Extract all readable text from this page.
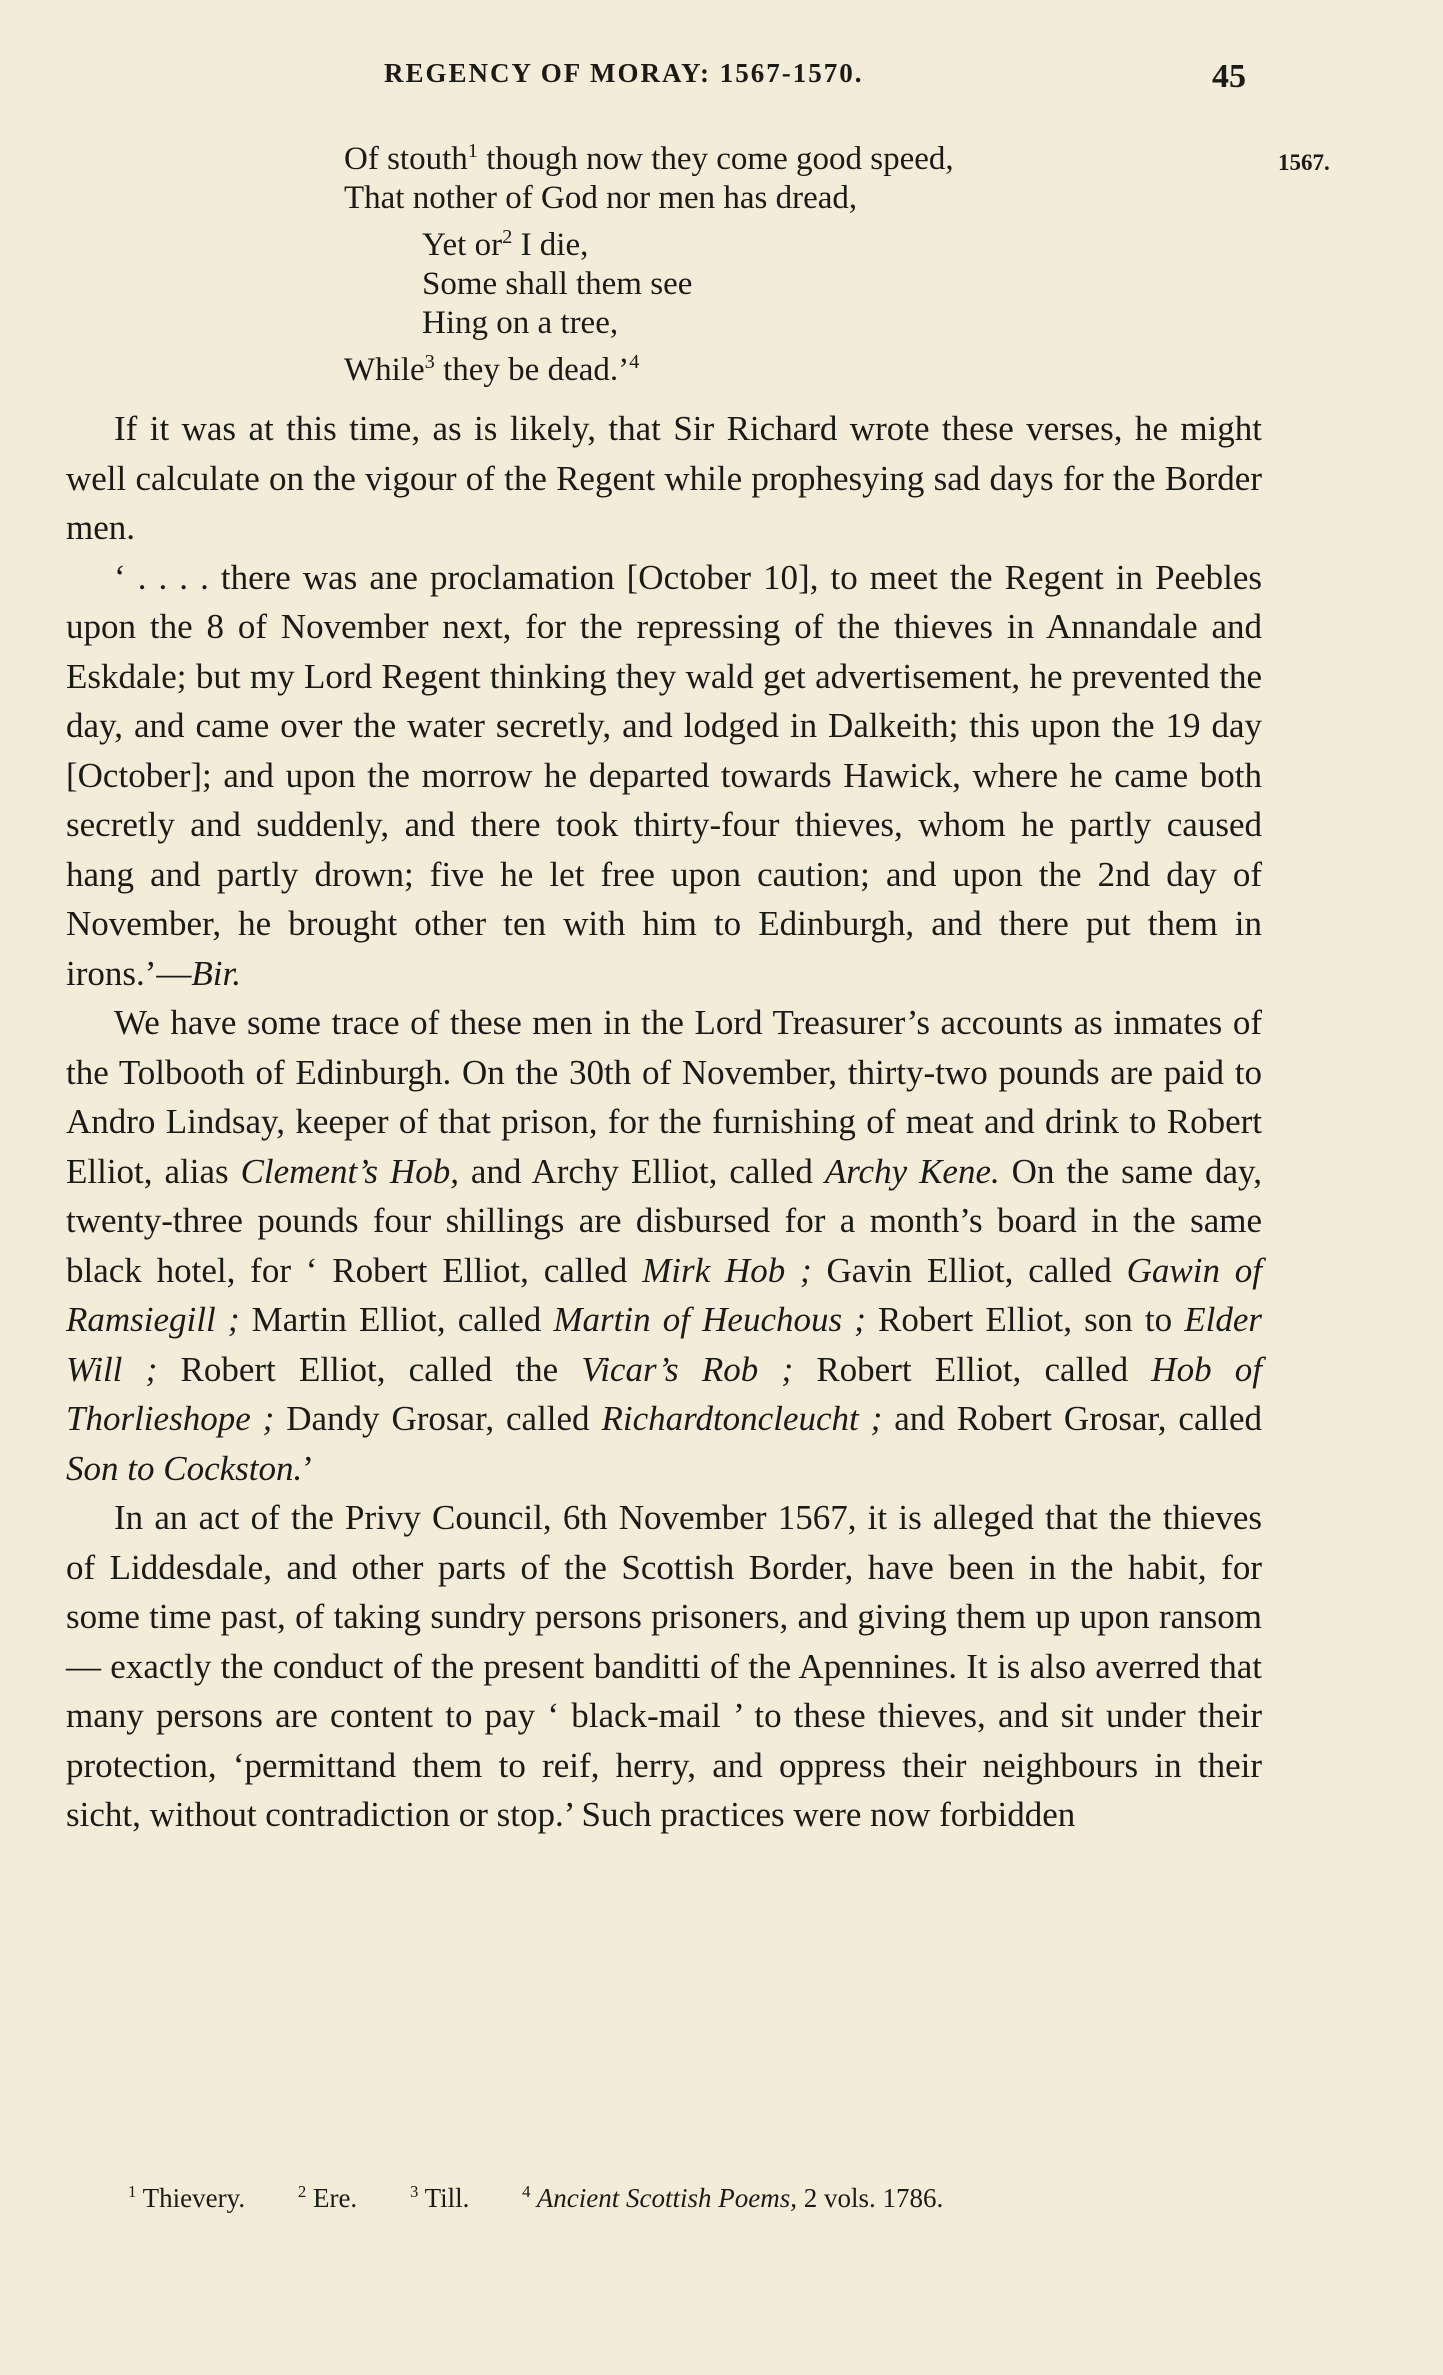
REGENCY OF MORAY: 1567-1570.	45
1567.
Of stouth$^1$ though now they come good speed,
That nother of God nor men has dread,
Yet $or^2$ I die,
Some shall them see
Hing on a tree,
While$^3$ they be dead.’$^4$

If it was at this time, as is likely, that Sir Richard wrote these verses, he might well calculate on the vigour of the Regent while prophesying sad days for the Border men.

‘ . . . . there was ane proclamation [October 10], to meet the Regent in Peebles upon the 8 of November next, for the repressing of the thieves in Annandale and Eskdale; but my Lord Regent thinking they wald get advertisement, he prevented the day, and came over the water secretly, and lodged in Dalkeith; this upon the 19 day [October]; and upon the morrow he departed towards Hawick, where he came both secretly and suddenly, and there took thirty-four thieves, whom he partly caused hang and partly drown; five he let free upon caution; and upon the 2nd day of November, he brought other ten with him to Edinburgh, and there put them in irons.’—Bir.

We have some trace of these men in the Lord Treasurer’s accounts as inmates of the Tolbooth of Edinburgh. On the 30th of November, thirty-two pounds are paid to Andro Lindsay, keeper of that prison, for the furnishing of meat and drink to Robert Elliot, alias Clement’s Hob, and Archy Elliot, called Archy Kene. On the same day, twenty-three pounds four shillings are disbursed for a month’s board in the same black hotel, for ‘ Robert Elliot, called Mirk Hob ; Gavin Elliot, called Gawin of Ramsiegill ; Martin Elliot, called Martin of Heuchous ; Robert Elliot, son to Elder Will ; Robert Elliot, called the Vicar’s Rob ; Robert Elliot, called Hob of Thorlieshope ; Dandy Grosar, called Richardtoncleucht ; and Robert Grosar, called Son to Cockston.’

In an act of the Privy Council, 6th November 1567, it is alleged that the thieves of Liddesdale, and other parts of the Scottish Border, have been in the habit, for some time past, of taking sundry persons prisoners, and giving them up upon ransom— exactly the conduct of the present banditti of the Apennines. It is also averred that many persons are content to pay ‘ black-mail ’ to these thieves, and sit under their protection, ‘permittand them to reif, herry, and oppress their neighbours in their sicht, without contradiction or stop.’ Such practices were now forbidden

$^1$ Thievery.	$^2$ Ere.	$^3$ Till.	$^4$ Ancient Scottish Poems, 2 vols. 1786.
